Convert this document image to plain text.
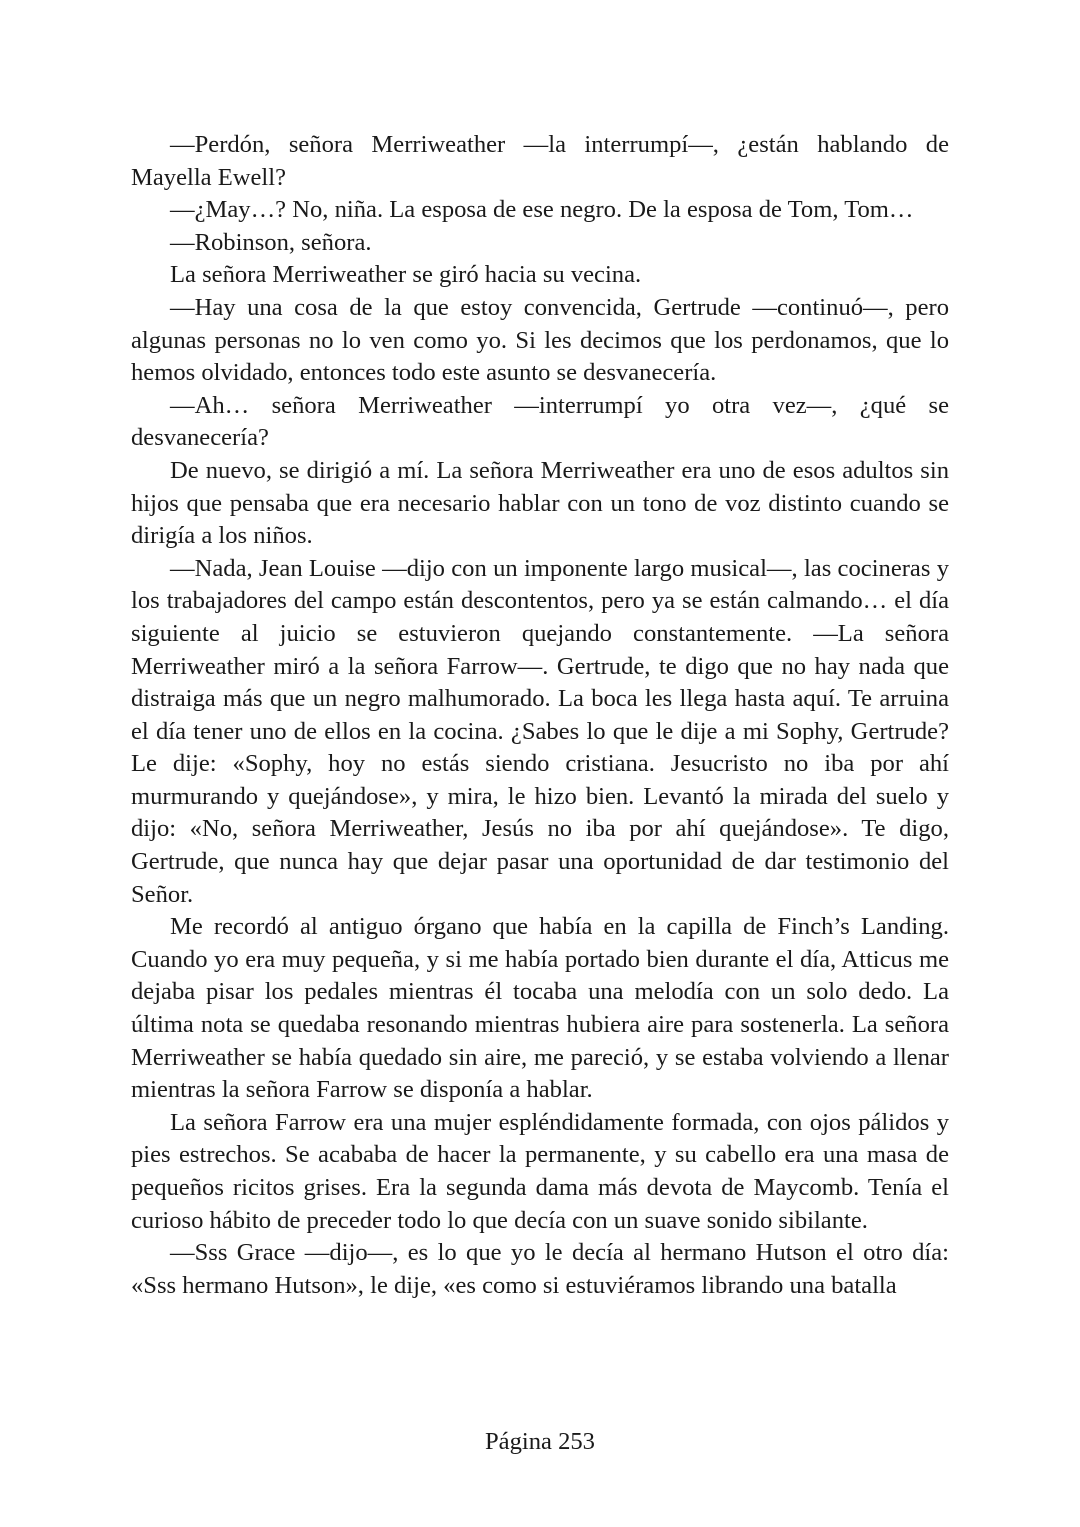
—Perdón, señora Merriweather —la interrumpí—, ¿están hablando de Mayella Ewell?

—¿May…? No, niña. La esposa de ese negro. De la esposa de Tom, Tom…

—Robinson, señora.

La señora Merriweather se giró hacia su vecina.

—Hay una cosa de la que estoy convencida, Gertrude —continuó—, pero algunas personas no lo ven como yo. Si les decimos que los perdonamos, que lo hemos olvidado, entonces todo este asunto se desvanecería.

—Ah… señora Merriweather —interrumpí yo otra vez—, ¿qué se desvanecería?

De nuevo, se dirigió a mí. La señora Merriweather era uno de esos adultos sin hijos que pensaba que era necesario hablar con un tono de voz distinto cuando se dirigía a los niños.

—Nada, Jean Louise —dijo con un imponente largo musical—, las cocineras y los trabajadores del campo están descontentos, pero ya se están calmando… el día siguiente al juicio se estuvieron quejando constantemente. —La señora Merriweather miró a la señora Farrow—. Gertrude, te digo que no hay nada que distraiga más que un negro malhumorado. La boca les llega hasta aquí. Te arruina el día tener uno de ellos en la cocina. ¿Sabes lo que le dije a mi Sophy, Gertrude? Le dije: «Sophy, hoy no estás siendo cristiana. Jesucristo no iba por ahí murmurando y quejándose», y mira, le hizo bien. Levantó la mirada del suelo y dijo: «No, señora Merriweather, Jesús no iba por ahí quejándose». Te digo, Gertrude, que nunca hay que dejar pasar una oportunidad de dar testimonio del Señor.

Me recordó al antiguo órgano que había en la capilla de Finch’s Landing. Cuando yo era muy pequeña, y si me había portado bien durante el día, Atticus me dejaba pisar los pedales mientras él tocaba una melodía con un solo dedo. La última nota se quedaba resonando mientras hubiera aire para sostenerla. La señora Merriweather se había quedado sin aire, me pareció, y se estaba volviendo a llenar mientras la señora Farrow se disponía a hablar.

La señora Farrow era una mujer espléndidamente formada, con ojos pálidos y pies estrechos. Se acababa de hacer la permanente, y su cabello era una masa de pequeños ricitos grises. Era la segunda dama más devota de Maycomb. Tenía el curioso hábito de preceder todo lo que decía con un suave sonido sibilante.

—Sss Grace —dijo—, es lo que yo le decía al hermano Hutson el otro día: «Sss hermano Hutson», le dije, «es como si estuviéramos librando una batalla

Página 253
